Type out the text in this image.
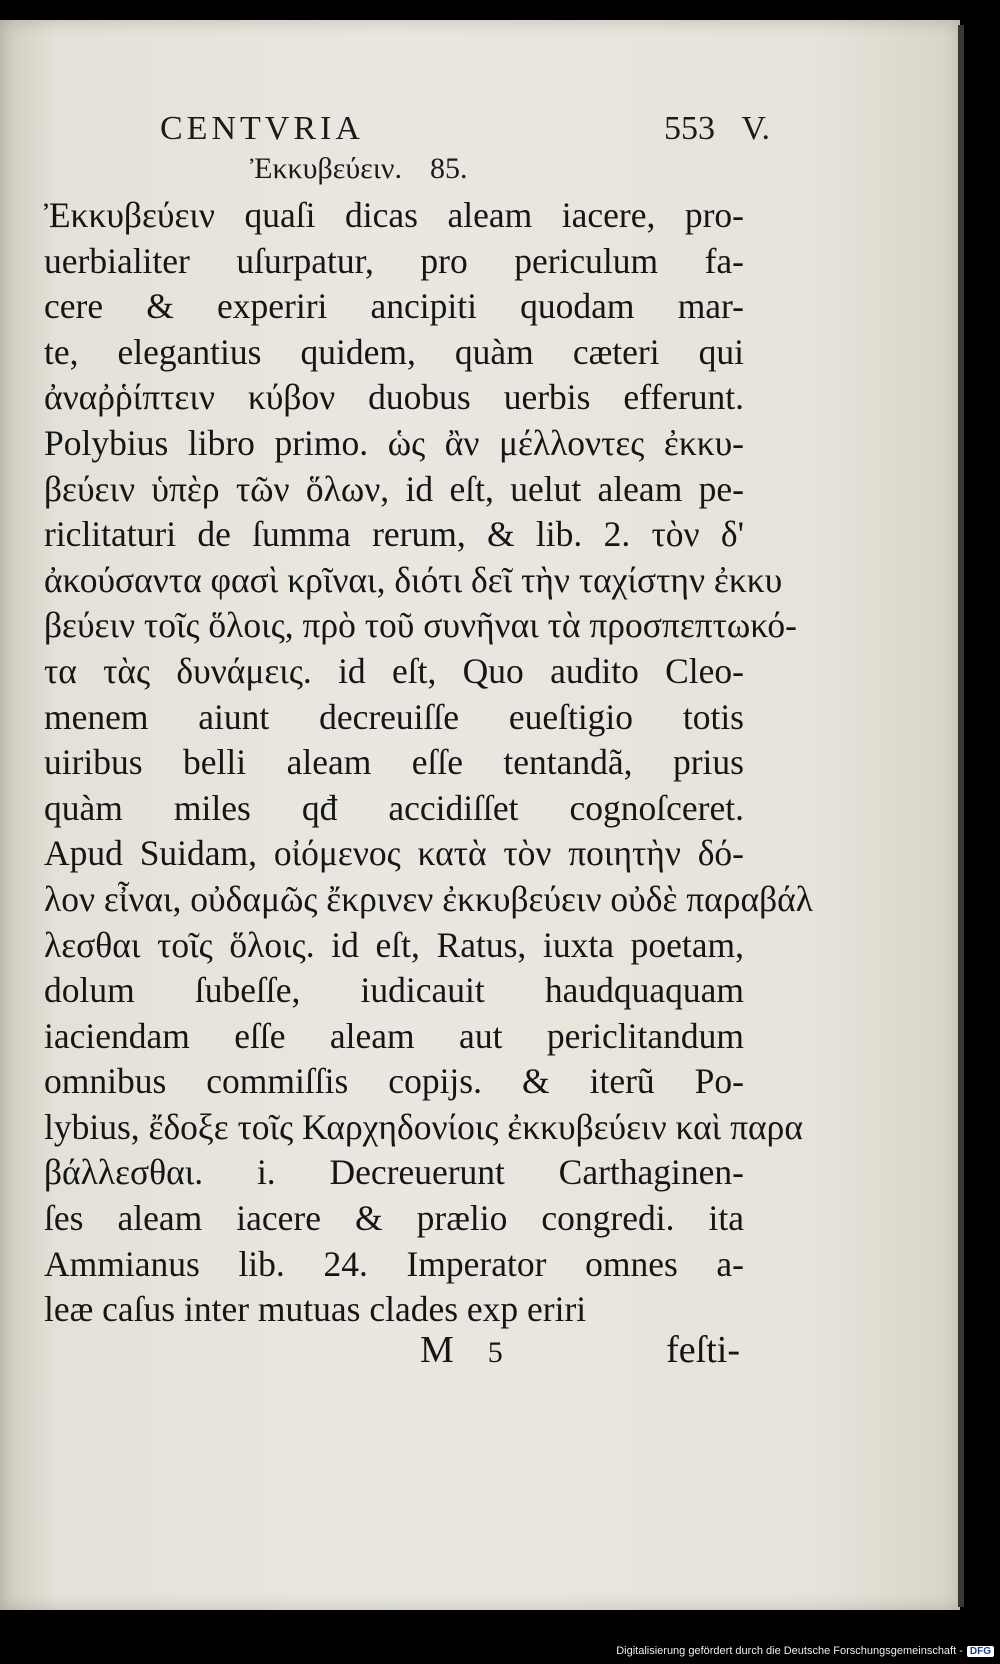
CENTVRIA	V.
553
Ἐκκυβεύειν. 85.
Ἐκκυβεύειν quaſi dicas aleam iacere, pro-
uerbialiter uſurpatur, pro periculum fa-
cere & experiri ancipiti quodam mar-
te, elegantius quidem, quàm cæteri qui
ἀναῤῥίπτειν κύβον duobus uerbis efferunt.
Polybius libro primo. ὡς ἂν μέλλοντες ἐκκυ-
βεύειν ὑπὲρ τῶν ὅλων, id eſt, uelut aleam pe-
riclitaturi de ſumma rerum, & lib. 2. τὸν δ'
ἀκούσαντα φασὶ κρῖναι, διότι δεῖ τὴν ταχίστην ἐκκυ
βεύειν τοῖς ὅλοις, πρὸ τοῦ συνῆναι τὰ προσπεπτωκό-
τα τὰς δυνάμεις. id eſt, Quo audito Cleo-
menem aiunt decreuiſſe eueſtigio totis
uiribus belli aleam eſſe tentandã, prius
quàm miles qđ accidiſſet cognoſceret.
Apud Suidam, οἰόμενος κατὰ τὸν ποιητὴν δό-
λον εἶναι, οὐδαμῶς ἔκρινεν ἐκκυβεύειν οὐδὲ παραβάλ
λεσθαι τοῖς ὅλοις. id eſt, Ratus, iuxta poetam,
dolum ſubeſſe, iudicauit haudquaquam
iaciendam eſſe aleam aut periclitandum
omnibus commiſſis copijs. & iterũ Po-
lybius, ἔδοξε τοῖς Καρχηδονίοις ἐκκυβεύειν καὶ παρα
βάλλεσθαι. i. Decreuerunt Carthaginen-
ſes aleam iacere & prælio congredi. ita
Ammianus lib. 24. Imperator omnes a-
leæ caſus inter mutuas clades exp eriri
M 5	feſti-
Digitalisierung gefördert durch die Deutsche Forschungsgemeinschaft - DFG
